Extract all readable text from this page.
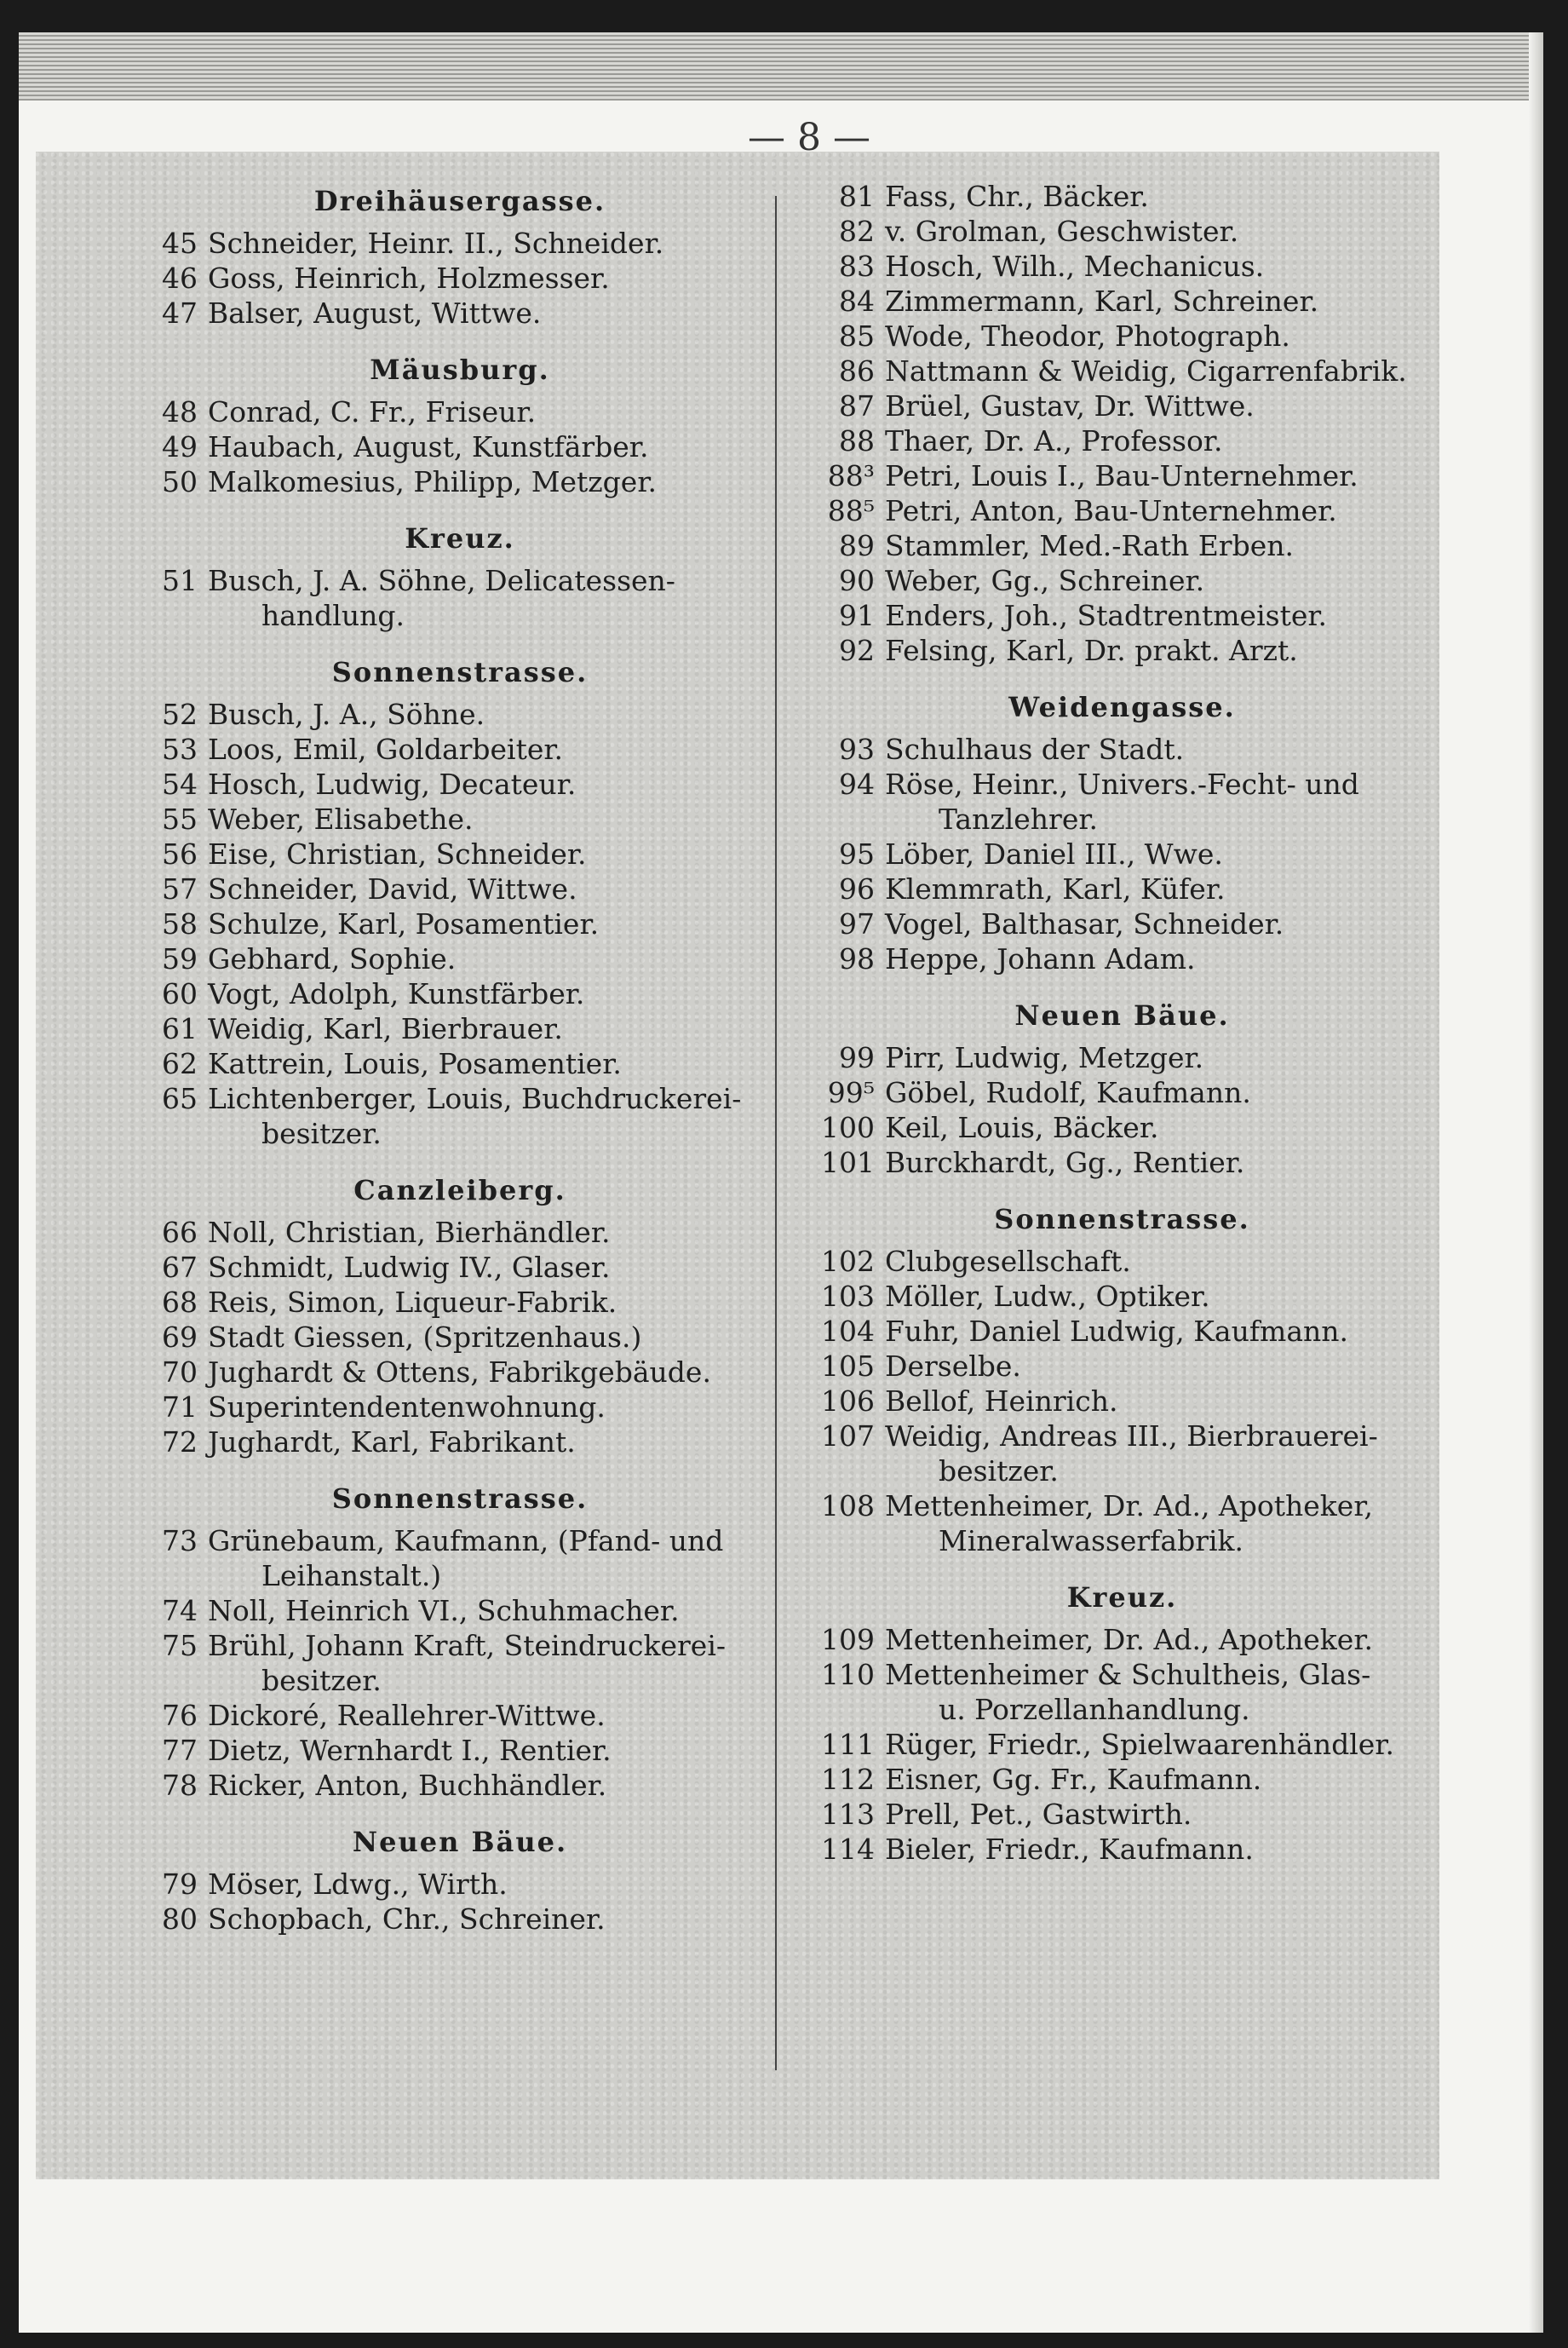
— 8 —
Dreihäusergasse.
45 Schneider, Heinr. II., Schneider.
46 Goss, Heinrich, Holzmesser.
47 Balser, August, Wittwe.
Mäusburg.
48 Conrad, C. Fr., Friseur.
49 Haubach, August, Kunstfärber.
50 Malkomesius, Philipp, Metzger.
Kreuz.
51 Busch, J. A. Söhne, Delicatessen-
handlung.
Sonnenstrasse.
52 Busch, J. A., Söhne.
53 Loos, Emil, Goldarbeiter.
54 Hosch, Ludwig, Decateur.
55 Weber, Elisabethe.
56 Eise, Christian, Schneider.
57 Schneider, David, Wittwe.
58 Schulze, Karl, Posamentier.
59 Gebhard, Sophie.
60 Vogt, Adolph, Kunstfärber.
61 Weidig, Karl, Bierbrauer.
62 Kattrein, Louis, Posamentier.
65 Lichtenberger, Louis, Buchdruckerei-
besitzer.
Canzleiberg.
66 Noll, Christian, Bierhändler.
67 Schmidt, Ludwig IV., Glaser.
68 Reis, Simon, Liqueur-Fabrik.
69 Stadt Giessen, (Spritzenhaus.)
70 Jughardt & Ottens, Fabrikgebäude.
71 Superintendentenwohnung.
72 Jughardt, Karl, Fabrikant.
Sonnenstrasse.
73 Grünebaum, Kaufmann, (Pfand- und
Leihanstalt.)
74 Noll, Heinrich VI., Schuhmacher.
75 Brühl, Johann Kraft, Steindruckerei-
besitzer.
76 Dickoré, Reallehrer-Wittwe.
77 Dietz, Wernhardt I., Rentier.
78 Ricker, Anton, Buchhändler.
Neuen Bäue.
79 Möser, Ldwg., Wirth.
80 Schopbach, Chr., Schreiner.
81 Fass, Chr., Bäcker.
82 v. Grolman, Geschwister.
83 Hosch, Wilh., Mechanicus.
84 Zimmermann, Karl, Schreiner.
85 Wode, Theodor, Photograph.
86 Nattmann & Weidig, Cigarrenfabrik.
87 Brüel, Gustav, Dr. Wittwe.
88 Thaer, Dr. A., Professor.
88³ Petri, Louis I., Bau-Unternehmer.
88⁵ Petri, Anton, Bau-Unternehmer.
89 Stammler, Med.-Rath Erben.
90 Weber, Gg., Schreiner.
91 Enders, Joh., Stadtrentmeister.
92 Felsing, Karl, Dr. prakt. Arzt.
Weidengasse.
93 Schulhaus der Stadt.
94 Röse, Heinr., Univers.-Fecht- und
Tanzlehrer.
95 Löber, Daniel III., Wwe.
96 Klemmrath, Karl, Küfer.
97 Vogel, Balthasar, Schneider.
98 Heppe, Johann Adam.
Neuen Bäue.
99 Pirr, Ludwig, Metzger.
99⁵ Göbel, Rudolf, Kaufmann.
100 Keil, Louis, Bäcker.
101 Burckhardt, Gg., Rentier.
Sonnenstrasse.
102 Clubgesellschaft.
103 Möller, Ludw., Optiker.
104 Fuhr, Daniel Ludwig, Kaufmann.
105 Derselbe.
106 Bellof, Heinrich.
107 Weidig, Andreas III., Bierbrauerei-
besitzer.
108 Mettenheimer, Dr. Ad., Apotheker,
Mineralwasserfabrik.
Kreuz.
109 Mettenheimer, Dr. Ad., Apotheker.
110 Mettenheimer & Schultheis, Glas-
u. Porzellanhandlung.
111 Rüger, Friedr., Spielwaarenhändler.
112 Eisner, Gg. Fr., Kaufmann.
113 Prell, Pet., Gastwirth.
114 Bieler, Friedr., Kaufmann.
